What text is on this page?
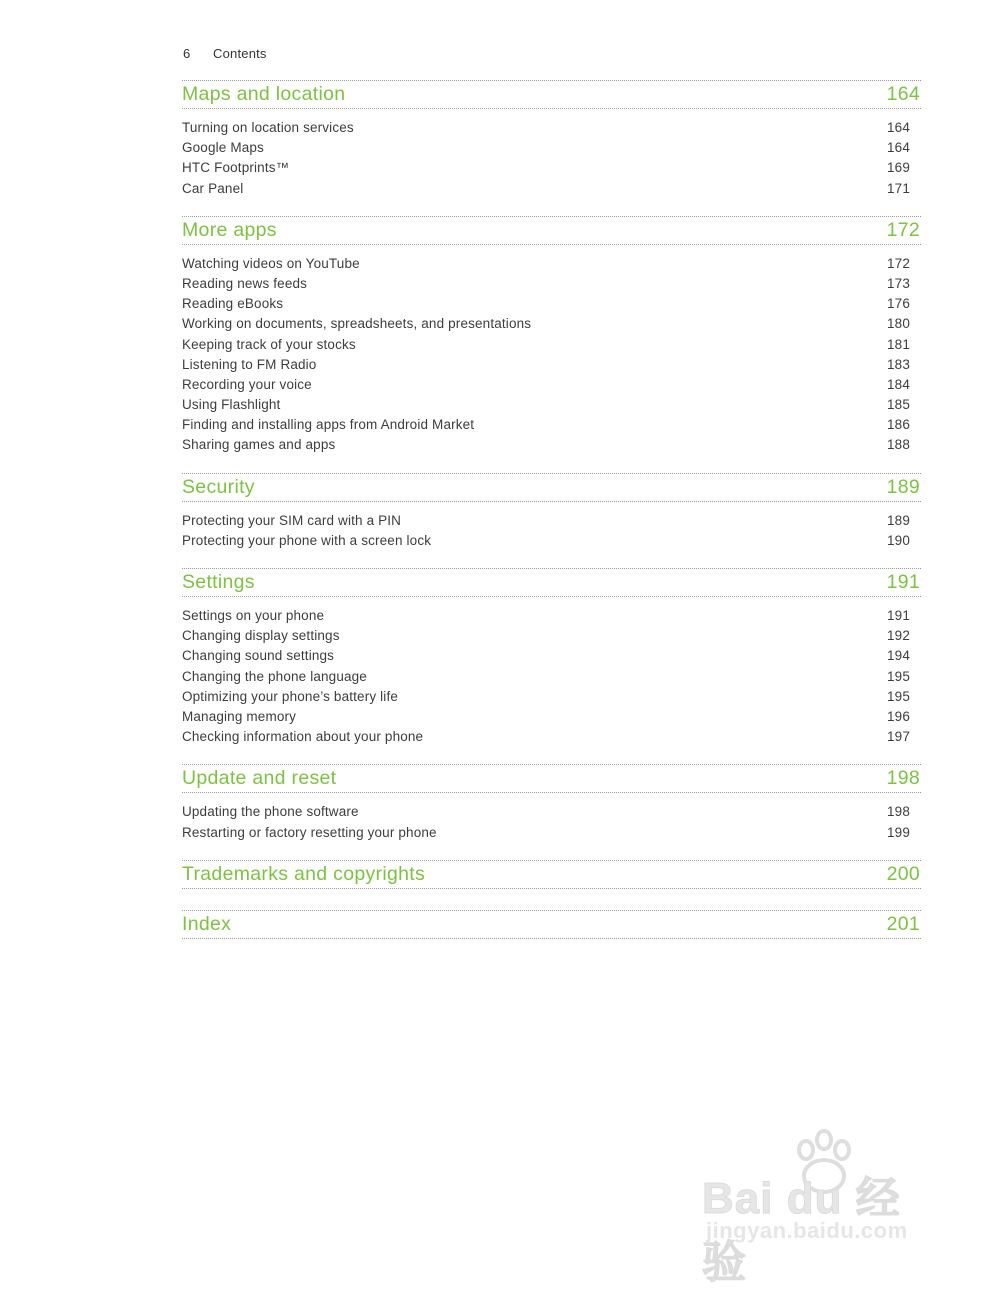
6 Contents
Maps and location	164
Turning on location services	164
Google Maps	164
HTC Footprints™	169
Car Panel	171
More apps	172
Watching videos on YouTube	172
Reading news feeds	173
Reading eBooks	176
Working on documents, spreadsheets, and presentations	180
Keeping track of your stocks	181
Listening to FM Radio	183
Recording your voice	184
Using Flashlight	185
Finding and installing apps from Android Market	186
Sharing games and apps	188
Security	189
Protecting your SIM card with a PIN	189
Protecting your phone with a screen lock	190
Settings	191
Settings on your phone	191
Changing display settings	192
Changing sound settings	194
Changing the phone language	195
Optimizing your phone’s battery life	195
Managing memory	196
Checking information about your phone	197
Update and reset	198
Updating the phone software	198
Restarting or factory resetting your phone	199
Trademarks and copyrights	200
Index	201
Bai du 经验
jingyan.baidu.com
